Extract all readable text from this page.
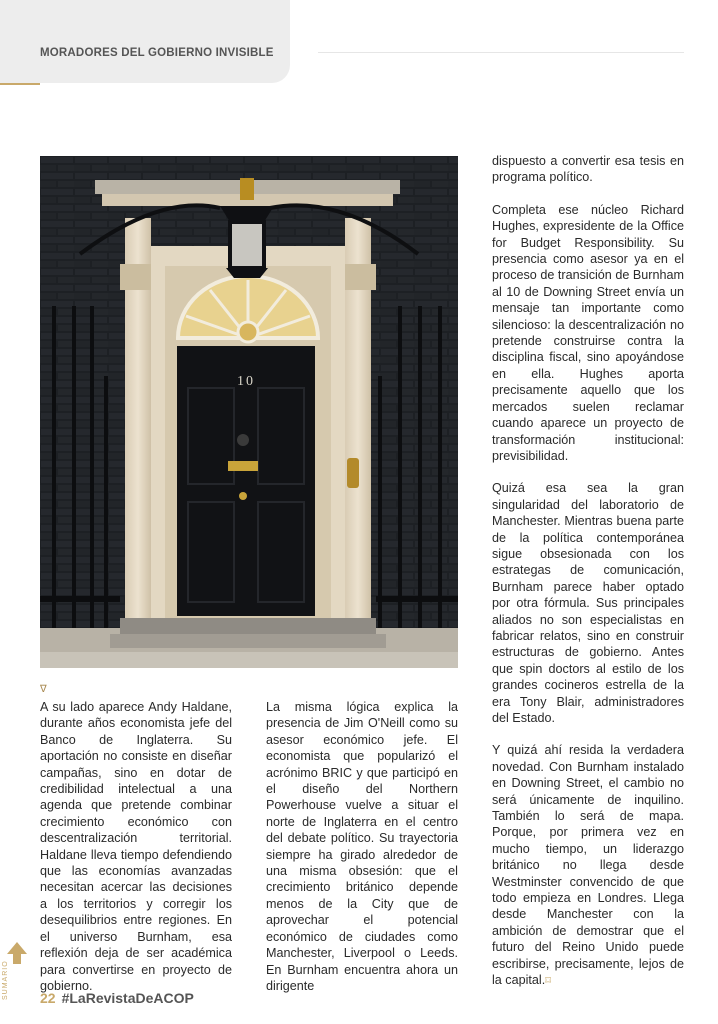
MORADORES DEL GOBIERNO INVISIBLE
10
∇

A su lado aparece Andy Haldane, durante años economista jefe del Banco de Inglaterra. Su aportación no consiste en diseñar campañas, sino en dotar de credibilidad intelectual a una agenda que pretende combinar crecimiento económico con descentralización territorial. Haldane lleva tiempo defendiendo que las economías avanzadas necesitan acercar las decisiones a los territorios y corregir los desequilibrios entre regiones. En el universo Burnham, esa reflexión deja de ser académica para convertirse en proyecto de gobierno.

La misma lógica explica la presencia de Jim O'Neill como su asesor económico jefe. El economista que popularizó el acrónimo BRIC y que participó en el diseño del Northern Powerhouse vuelve a situar el norte de Inglaterra en el centro del debate político. Su trayectoria siempre ha girado alrededor de una misma obsesión: que el crecimiento británico depende menos de la City que de aprovechar el potencial económico de ciudades como Manchester, Liverpool o Leeds. En Burnham encuentra ahora un dirigente

dispuesto a convertir esa tesis en programa político.

Completa ese núcleo Richard Hughes, expresidente de la Office for Budget Responsibility. Su presencia como asesor ya en el proceso de transición de Burnham al 10 de Downing Street envía un mensaje tan importante como silencioso: la descentralización no pretende construirse contra la disciplina fiscal, sino apoyándose en ella. Hughes aporta precisamente aquello que los mercados suelen reclamar cuando aparece un proyecto de transformación institucional: previsibilidad.

Quizá esa sea la gran singularidad del laboratorio de Manchester. Mientras buena parte de la política contemporánea sigue obsesionada con los estrategas de comunicación, Burnham parece haber optado por otra fórmula. Sus principales aliados no son especialistas en fabricar relatos, sino en construir estructuras de gobierno. Antes que spin doctors al estilo de los grandes cocineros estrella de la era Tony Blair, administradores del Estado.

Y quizá ahí resida la verdadera novedad. Con Burnham instalado en Downing Street, el cambio no será únicamente de inquilino. También lo será de mapa. Porque, por primera vez en mucho tiempo, un liderazgo británico no llega desde Westminster convencido de que todo empieza en Londres. Llega desde Manchester con la ambición de demostrar que el futuro del Reino Unido puede escribirse, precisamente, lejos de la capital.⌑

SUMARIO 22 #LaRevistaDeACOP
